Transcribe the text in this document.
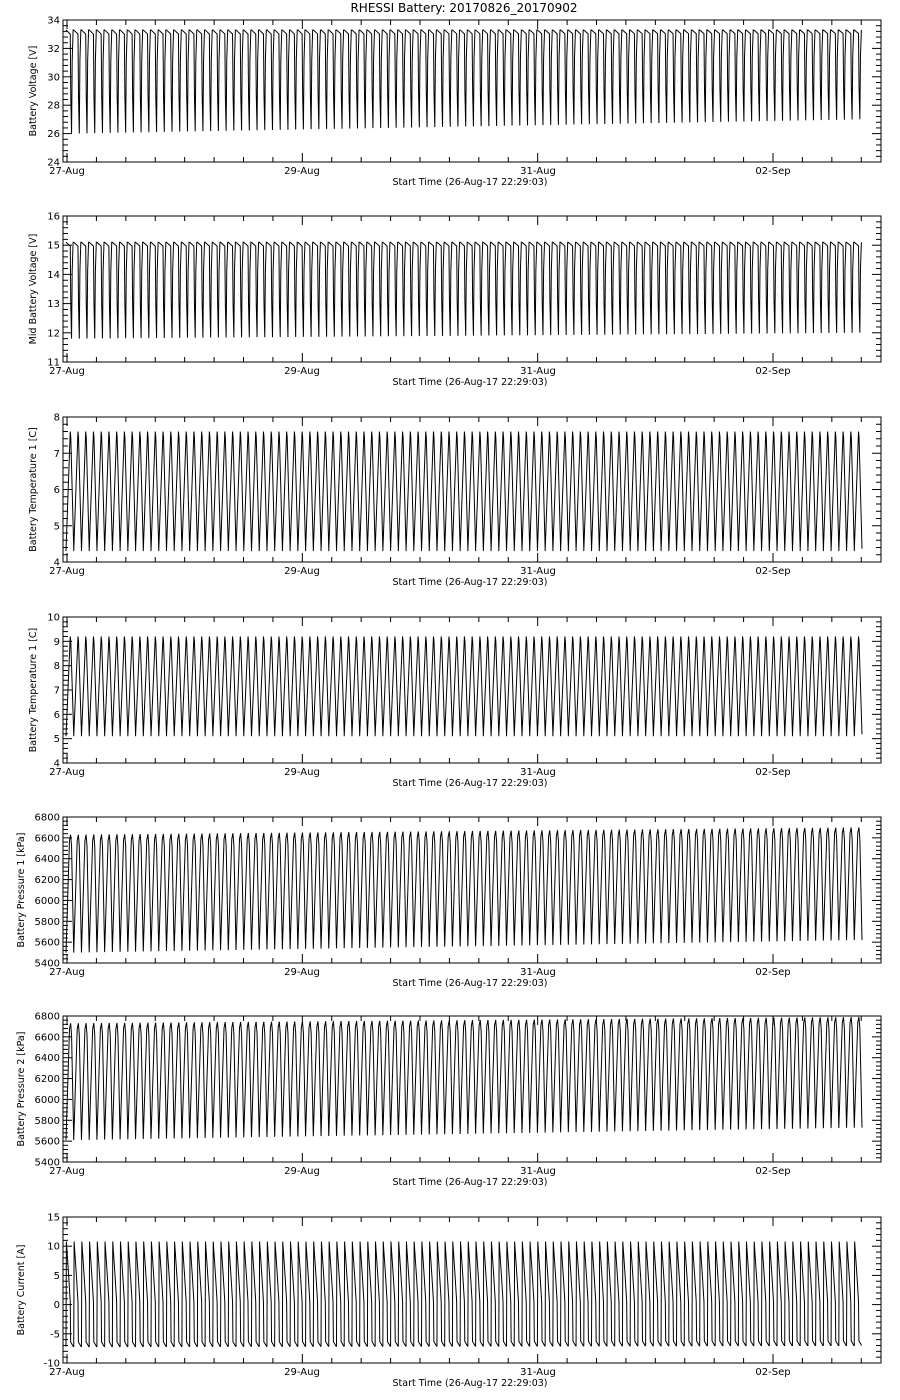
RHESSI Battery: 20170826_20170902
24
26
28
30
32
34
27-Aug	29-Aug	31-Aug	02-Sep
Start Time (26-Aug-17 22:29:03)
Battery Voltage [V]
11
12
13
14
15
16
27-Aug	29-Aug	31-Aug	02-Sep
Start Time (26-Aug-17 22:29:03)
Mid Battery Voltage [V]
4
5
6
7
8
27-Aug	29-Aug	31-Aug	02-Sep
Start Time (26-Aug-17 22:29:03)
Battery Temperature 1 [C]
4
5
6
7
8
9
10
27-Aug	29-Aug	31-Aug	02-Sep
Start Time (26-Aug-17 22:29:03)
Battery Temperature 1 [C]
5400
5600
5800
6000
6200
6400
6600
6800
27-Aug	29-Aug	31-Aug	02-Sep
Start Time (26-Aug-17 22:29:03)
Battery Pressure 1 [kPa]
5400
5600
5800
6000
6200
6400
6600
6800
27-Aug	29-Aug	31-Aug	02-Sep
Start Time (26-Aug-17 22:29:03)
Battery Pressure 2 [kPa]
-10
-5
0
5
10
15
27-Aug	29-Aug	31-Aug	02-Sep
Start Time (26-Aug-17 22:29:03)
Battery Current [A]
